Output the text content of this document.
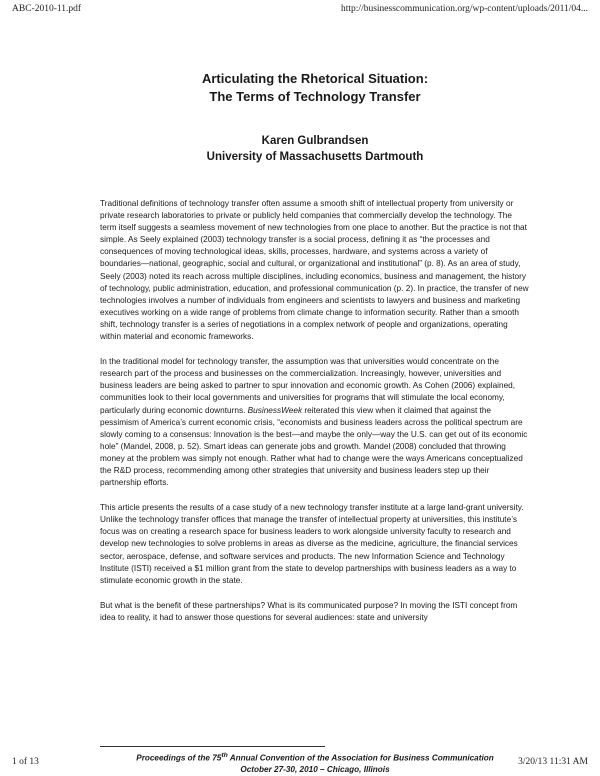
ABC-2010-11.pdf	http://businesscommunication.org/wp-content/uploads/2011/04...
Articulating the Rhetorical Situation:
The Terms of Technology Transfer
Karen Gulbrandsen
University of Massachusetts Dartmouth

Traditional definitions of technology transfer often assume a smooth shift of intellectual property from university or private research laboratories to private or publicly held companies that commercially develop the technology. The term itself suggests a seamless movement of new technologies from one place to another. But the practice is not that simple. As Seely explained (2003) technology transfer is a social process, defining it as “the processes and consequences of moving technological ideas, skills, processes, hardware, and systems across a variety of boundaries—national, geographic, social and cultural, or organizational and institutional” (p. 8). As an area of study, Seely (2003) noted its reach across multiple disciplines, including economics, business and management, the history of technology, public administration, education, and professional communication (p. 2). In practice, the transfer of new technologies involves a number of individuals from engineers and scientists to lawyers and business and marketing executives working on a wide range of problems from climate change to information security. Rather than a smooth shift, technology transfer is a series of negotiations in a complex network of people and organizations, operating within material and economic frameworks.

In the traditional model for technology transfer, the assumption was that universities would concentrate on the research part of the process and businesses on the commercialization. Increasingly, however, universities and business leaders are being asked to partner to spur innovation and economic growth. As Cohen (2006) explained, communities look to their local governments and universities for programs that will stimulate the local economy, particularly during economic downturns. BusinessWeek reiterated this view when it claimed that against the pessimism of America’s current economic crisis, “economists and business leaders across the political spectrum are slowly coming to a consensus: Innovation is the best—and maybe the only—way the U.S. can get out of its economic hole” (Mandel, 2008, p. 52). Smart ideas can generate jobs and growth. Mandel (2008) concluded that throwing money at the problem was simply not enough. Rather what had to change were the ways Americans conceptualized the R&D process, recommending among other strategies that university and business leaders step up their partnership efforts.

This article presents the results of a case study of a new technology transfer institute at a large land-grant university. Unlike the technology transfer offices that manage the transfer of intellectual property at universities, this institute’s focus was on creating a research space for business leaders to work alongside university faculty to research and develop new technologies to solve problems in areas as diverse as the medicine, agriculture, the financial services sector, aerospace, defense, and software services and products. The new Information Science and Technology Institute (ISTI) received a $1 million grant from the state to develop partnerships with business leaders as a way to stimulate economic growth in the state.

But what is the benefit of these partnerships? What is its communicated purpose? In moving the ISTI concept from idea to reality, it had to answer those questions for several audiences: state and university

1 of 13	Proceedings of the 75th Annual Convention of the Association for Business Communication
October 27-30, 2010 – Chicago, Illinois
3/20/13 11:31 AM
